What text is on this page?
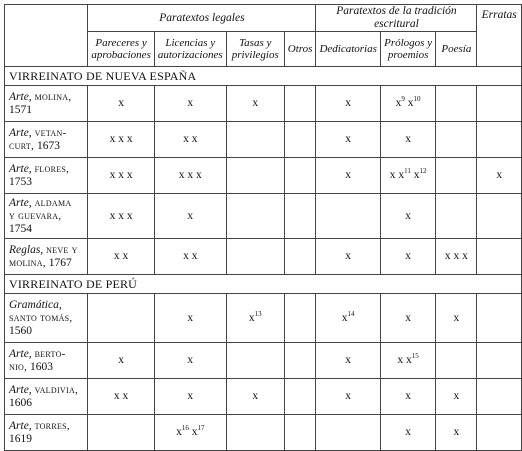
	Paratextos legales				Paratextos de la tradición escritural			Erratas
	Pareceres y
aprobaciones	Licencias y
autorizaciones	Tasas y
privilegios	Otros	Dedicatorias	Prólogos y
proemios	Poesía	
VIRREINATO DE NUEVA ESPAÑA								
Arte, molina, 1571	x	x	x		x	$x^9$ $x^{10}$		
Arte, vetan-
curt, 1673	x x x	x x			x	x		
Arte, flores, 1753	x x x	x x x			x	x $x^{11}$ $x^{12}$		x
Arte, aldama
y guevara, 1754	x x x	x				x		
Reglas, neve y
molina, 1767	x x	x x			x	x	x x x	
VIRREINATO DE PERÚ								
Gramática, santo tomás, 1560		x	$x^{13}$		$x^{14}$	x	x	
Arte, berto-
nio, 1603	x	x			x	x $x^{15}$		
Arte, valdivia, 1606	x x	x	x		x	x	x	
Arte, torres, 1619		$x^{16}$ $x^{17}$				x	x	
